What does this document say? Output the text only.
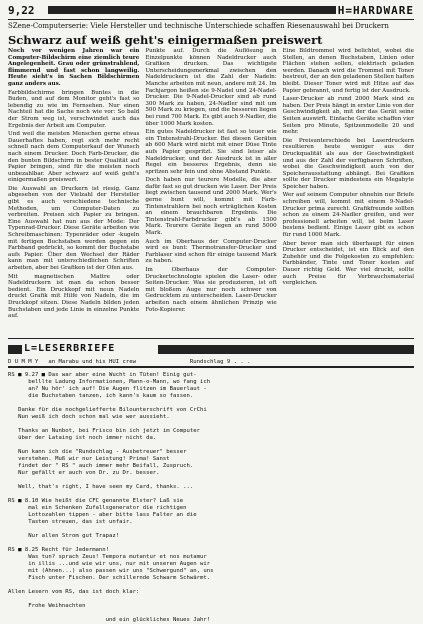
9,22	H=HARDWARE
SZene-Computerserie: Viele Hersteller und technische Unterschiede schaffen Riesenauswahl bei Druckern
Schwarz auf weiß geht's einigermaßen preiswert

Noch vor wenigen Jahren war ein Computer-Bildschirm eine ziemlich teure Angelegenheit. Grau oder grünstrahlend, flimmernd und fast schon langweilig. Heute sieht's in Sachen Bildschirmen ganz anders aus.

Farbbildschirme bringen Buntes in die Buden, und auf dem Monitor geht's fast so lebendig zu wie im Fernsehen. Nur einen Nachteil hat die Sache noch wie vor: So bald der Strom weg ist, verschwindet auch das Ergebnis der Arbeit am Computer.

Und weil die meisten Menschen gerne etwas Dauerhaftes haben, regt sich mehr recht schnell nach dem Computerkauf der Wunsch nach einem Drucker. Doch Farb-Drucker, die den bunten Bildschirm in bester Qualität auf Papier bringen, sind für die meisten noch unbezahlbar. Aber schwarz auf weiß geht's einigermaßen preiswert.

Die Auswahl an Druckern ist riesig. Ganz abgesehen von der Vielzahl der Hersteller gibt es auch verschiedene technische Methoden, um Computer-Daten zu verbreiten. Preisen sich Papier zu bringen. Eine Auswahl hat nun aus der Mode: Der Typenrad-Drucker. Diese Geräte arbeiten wie Schreibmaschinen: Typenräder oder -kugeln mit fertigen Buchstaben werden gegen ein Farbband gedrückt, so kommt der Buchstabe aufs Papier. Über den Wechsel der Räder kann man mit unterschiedlichen Schriften arbeiten, aber bei Grafiken ist der Ofen aus.

Mit magnetischen Mattre oder Nadeldruckern ist man da schon besser bedient. Ein Druckkopf mit neun Nadeln druckt Grafik mit Hilfe von Nadeln, die im Druckkopf sitzen. Diese Nadeln bilden jeden Buchstaben und jede Linie in einzelne Punkte auf.

Punkte auf. Durch die Auflösung in Einzelpunkte können Nadeldrucker auch Grafiken drucken. Das wichtigste Unterscheidungsmerkmal zwischen den Nadeldruckern ist die Zahl der Nadeln: Manche arbeiten mit neun, andere mit 24. Im Fachjargon heißen sie 9-Nadel und 24-Nadel-Drucker. Die 9-Nadel-Drucker sind ab rund 300 Mark zu haben, 24-Nadler sind mit um 500 Mark zu kriegen, und die besseren liegen bei rund 700 Mark. Es gibt auch 9-Nadler, die über 1000 Mark kosten.

Ein gutes Nadeldrucker ist fast so teuer wie ein Tintenstrahl-Drucker. Bei diesen Geräten ab 600 Mark wird nicht mit einer Düse Tinte aufs Papier gespritzt. Sie sind leiser als Nadeldrucker, und der Ausdruck ist in aller Regel ein besseres Ergebnis, denn sie spritzen sehr fein und ohne Abstand Punkte.

Doch haben nur teurere Modelle, die aber dafür fast so gut drucken wie Laser. Der Preis liegt zwischen tausend und 2000 Mark. Wer's gerne bunt will, kommt mit Farb-Tintenstrahlern bei noch erträglichen Kosten an einem brauchbaren Ergebnis. Die Tintenstrahl-Farbdrucker gibt's ab 1500 Mark. Teurere Geräte liegen an rund 5000 Mark.

Auch im Oberhaus der Computer-Drucker wird es bunt: Thermotransfer-Drucker und Farblaser sind schon für einige tausend Mark zu haben.

Im Oberhaus der Computer-Druckertechnologie spielen die Laser- oder Seiten-Drucker. Was sie produzieren, ist oft mit bloßem Auge nur noch schwer von Gedrucktem zu unterscheiden. Laser-Drucker arbeiten nach einem ähnlichen Prinzip wie Foto-Kopierer.

Eine Bildtrommel wird belichtet, wobei die Stellen, an denen Buchstaben, Linien oder Flächen stehen sollen, elektrisch geladen werden. Danach wird die Trommel mit Toner bestreut, der an den geladenen Stellen haften bleibt. Dieser Toner wird mit Hitze auf das Papier gebrannt, und fertig ist der Ausdruck.

Laser-Drucker ab rund 2000 Mark sind zu haben. Der Preis hängt in erster Linie von der Geschwindigkeit ab, mit der das Gerät seine Seiten auswirft. Einfache Geräte schaffen vier Seiten pro Minute, Spitzenmodelle 20 und mehr.

Die Preisunterschiede bei Laserdruckern resultieren heute weniger aus der Druckqualität als aus der Geschwindigkeit und aus der Zahl der verfügbaren Schriften, wobei die Geschwindigkeit auch von der Speicherausstattung abhängt. Bei Grafiken sollte der Drucker mindestens ein Megabyte Speicher haben.

Wer auf seinem Computer ohnehin nur Briefe schreiben will, kommt mit einem 9-Nadel-Drucker prima zurecht. Grafikfreunde sollten schon zu einem 24-Nadler greifen, und wer professionell arbeiten will, ist beim Laser bestens bedient. Einige Laser gibt es schon für rund 1000 Mark.

Aber bevor man sich überhaupt für einen Drucker entscheidet, ist ein Blick auf den Zubehör und die Folgekosten zu empfehlen: Farbbänder, Tinte und Toner kosten auf Dauer richtig Geld. Wer viel druckt, sollte auch Preise für Verbrauchsmaterial vergleichen.

L=LESERBRIEFE
D U M M Y   an Marabu und his HUI crew                Rundschlag 9 . . .
RS ■ 9.27 ■ Das war aber eine Wucht in Tüten! Einig gut-
belllte Ladung Informationen, Mann-o-Mann, wo fang ich
an? Nu hör' ich auf! Die Augen flitzen im Bauerlaut -
die Buchstaben tanzen, ich kann's kaum so fassen.
Danke für die nochgeliefferte Bilounterschrift von CrChi
Nun weiß ich doch schon mal wie wer aussieht.
Thanks an Nunbot, bei Frisco bin ich jetzt im Computer
über der Lataing ist noch immer nicht da.
Nun kann ich die "Rundschlag - Ausbetreuer" besser
verstehen. Muß wir nur Leistung! Prima! Sanst
findet der " RS " auch immer mehr Beifall, Zuspruch.
Nur gefällt er auch von Dr. zu Dr. besser.
Well, that's right, I have seen my Card, thanks. ...
RS ■ 8.10 Wie heißt die CFC genannte Elster? Laß sie
mal ein Schenken Zufallsgenerator die richtigen
Lottozahlen tippen - aber bitte lass Falter an die
Tasten streuen, das ist unfair.
Nur allen Strom gut Trapaz!
RS ■ 8.25 Recht für Jedermann!
Was tun? sprach Zeus! Tempora mutantur et nos mutamur
in illis ...und wie wir uns, nur mit unseren Augen wir
mit (Ahnen...) also passen wir uns "Schwergund" an, uns
Fisch unter Fischen. Der schillernde Schwarm Schwärmt.
Allen Lesern vom RS, das ist doch klar:
Frohe Weihnachten
und ein glückliches Neues Jahr!
